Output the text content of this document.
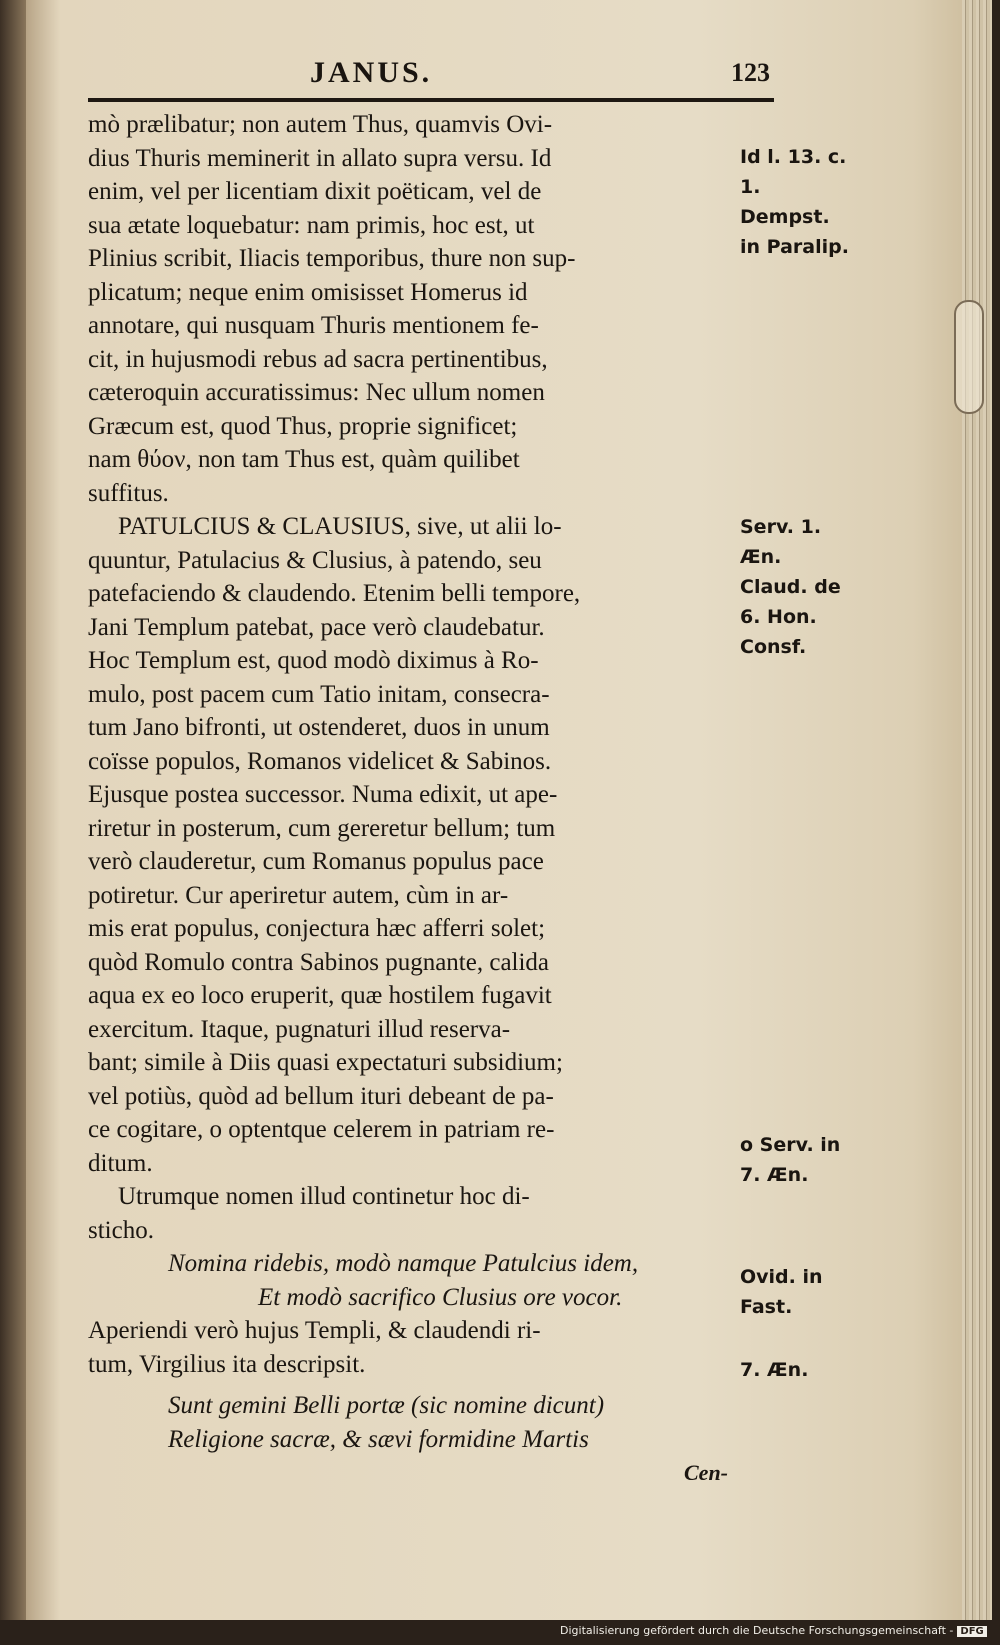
JANUS.	123
mò prælibatur; non autem Thus, quamvis Ovi-
dius Thuris meminerit in allato supra versu. Id
enim, vel per licentiam dixit poëticam, vel de
sua ætate loquebatur: nam primis, hoc est, ut
Plinius scribit, Iliacis temporibus, thure non sup-
plicatum; neque enim omisisset Homerus id
annotare, qui nusquam Thuris mentionem fe-
cit, in hujusmodi rebus ad sacra pertinentibus,
cæteroquin accuratissimus: Nec ullum nomen
Græcum est, quod Thus, proprie significet;
nam θύον, non tam Thus est, quàm quilibet
suffitus.
PATULCIUS & CLAUSIUS, sive, ut alii lo-
quuntur, Patulacius & Clusius, à patendo, seu
patefaciendo & claudendo. Etenim belli tempore,
Jani Templum patebat, pace verò claudebatur.
Hoc Templum est, quod modò diximus à Ro-
mulo, post pacem cum Tatio initam, consecra-
tum Jano bifronti, ut ostenderet, duos in unum
coïsse populos, Romanos videlicet & Sabinos.
Ejusque postea successor. Numa edixit, ut ape-
riretur in posterum, cum gereretur bellum; tum
verò clauderetur, cum Romanus populus pace
potiretur. Cur aperiretur autem, cùm in ar-
mis erat populus, conjectura hæc afferri solet;
quòd Romulo contra Sabinos pugnante, calida
aqua ex eo loco eruperit, quæ hostilem fugavit
exercitum. Itaque, pugnaturi illud reserva-
bant; simile à Diis quasi expectaturi subsidium;
vel potiùs, quòd ad bellum ituri debeant de pa-
ce cogitare, o optentque celerem in patriam re-
ditum.
Utrumque nomen illud continetur hoc di-
sticho.
Nomina ridebis, modò namque Patulcius idem,
Et modò sacrifico Clusius ore vocor.
Aperiendi verò hujus Templi, & claudendi ri-
tum, Virgilius ita descripsit.
Sunt gemini Belli portæ (sic nomine dicunt)
Religione sacræ, & sævi formidine Martis
Cen-
Id l. 13. c. 1.
Dempst.
in Paralip.
Serv. 1.
Æn.
Claud. de
6. Hon.
Consf.
o Serv. in
7. Æn.
Ovid. in
Fast.
7. Æn.
Digitalisierung gefördert durch die Deutsche Forschungsgemeinschaft - DFG
